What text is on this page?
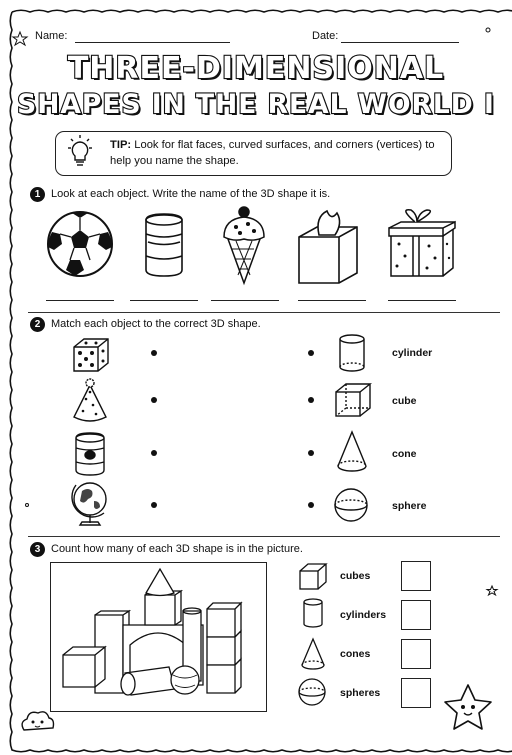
Name:	Date:
THREE-DIMENSIONAL
SHAPES IN THE REAL WORLD I
TIP: Look for flat faces, curved surfaces, and corners (vertices) to help you name the shape.
1 Look at each object. Write the name of the 3D shape it is.
2 Match each object to the correct 3D shape.
cylinder
cube
cone
sphere
3 Count how many of each 3D shape is in the picture.
cubes
cylinders
cones
spheres
